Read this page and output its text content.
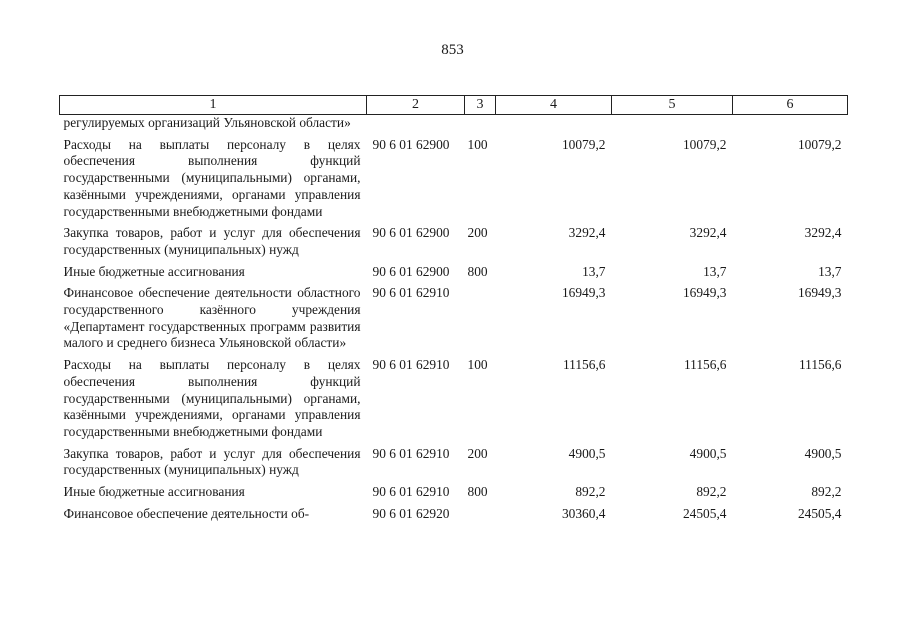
853
1	2	3	4	5	6
регулируемых организаций Ульяновской области»					
Расходы на выплаты персоналу в целях обеспечения выполнения функций государственными (муниципальными) органами, казёнными учреждениями, органами управления государственными внебюджетными фондами	90 6 01 62900	100	10079,2	10079,2	10079,2

Закупка товаров, работ и услуг для обеспечения государственных (муниципальных) нужд	90 6 01 62900	200	3292,4	3292,4	3292,4

Иные бюджетные ассигнования	90 6 01 62900	800	13,7	13,7	13,7

Финансовое обеспечение деятельности областного государственного казённого учреждения «Департамент государственных программ развития малого и среднего бизнеса Ульяновской области»	90 6 01 62910		16949,3	16949,3	16949,3

Расходы на выплаты персоналу в целях обеспечения выполнения функций государственными (муниципальными) органами, казёнными учреждениями, органами управления государственными внебюджетными фондами	90 6 01 62910	100	11156,6	11156,6	11156,6

Закупка товаров, работ и услуг для обеспечения государственных (муниципальных) нужд	90 6 01 62910	200	4900,5	4900,5	4900,5

Иные бюджетные ассигнования	90 6 01 62910	800	892,2	892,2	892,2

Финансовое обеспечение деятельности об-	90 6 01 62920		30360,4	24505,4	24505,4
